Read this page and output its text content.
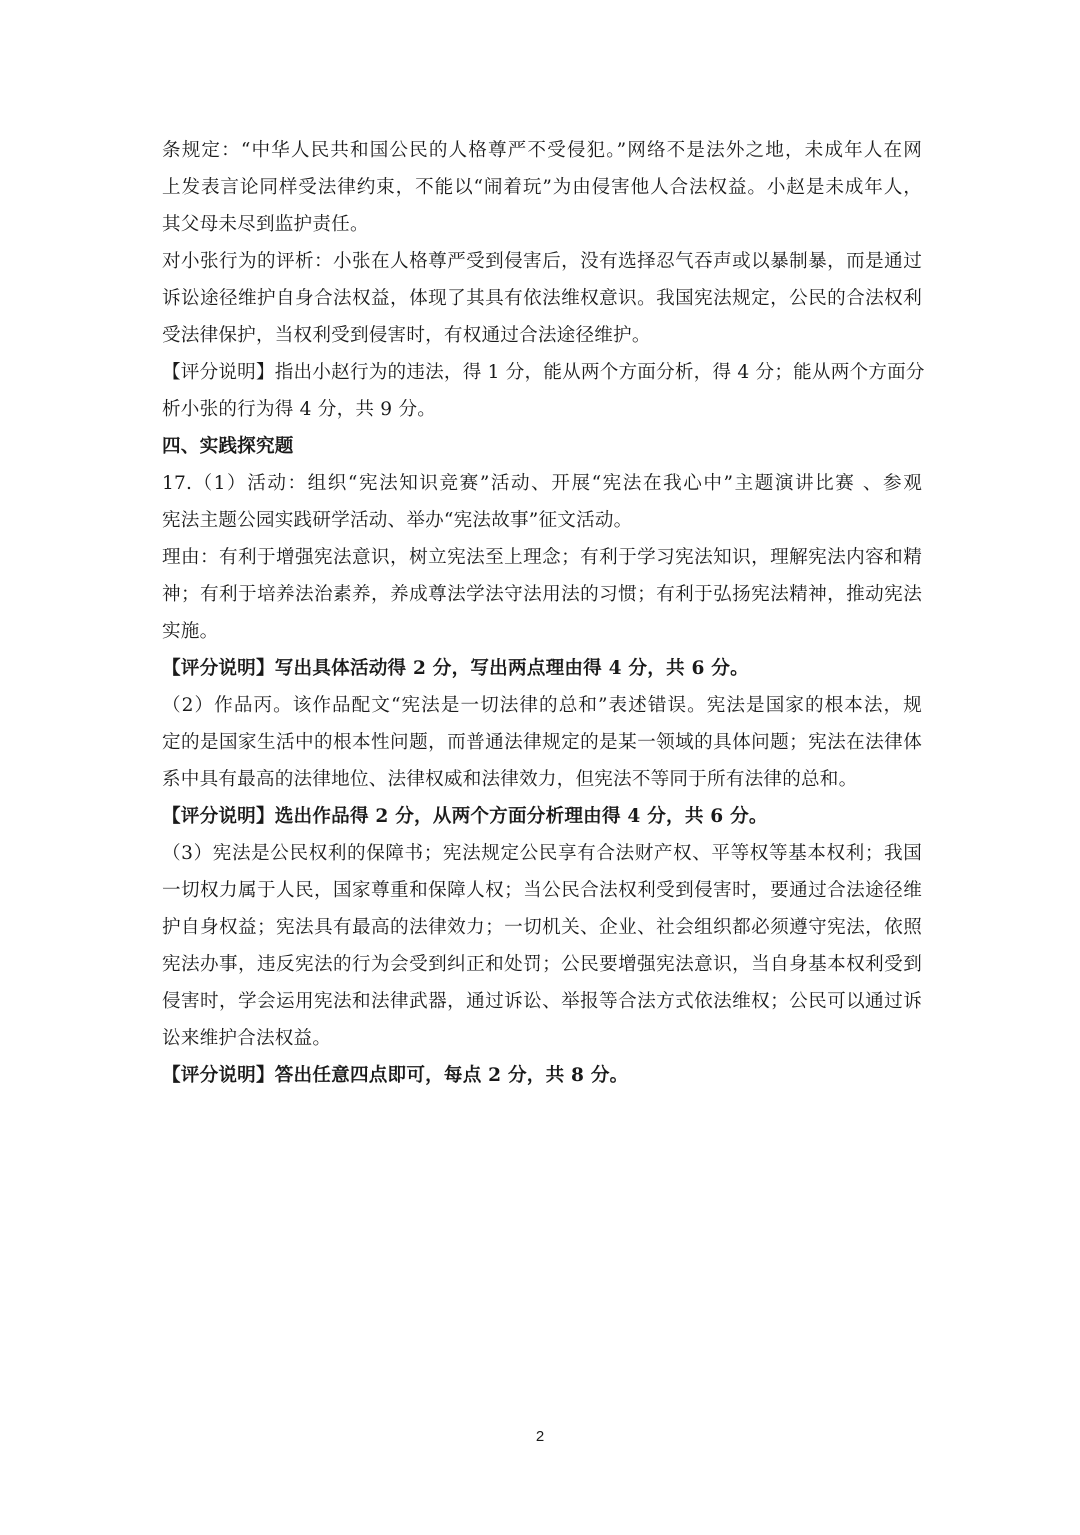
条规定：“中华人民共和国公民的人格尊严不受侵犯。”网络不是法外之地，未成年人在网
上发表言论同样受法律约束，不能以“闹着玩”为由侵害他人合法权益。小赵是未成年人，
其父母未尽到监护责任。
对小张行为的评析：小张在人格尊严受到侵害后，没有选择忍气吞声或以暴制暴，而是通过
诉讼途径维护自身合法权益，体现了其具有依法维权意识。我国宪法规定，公民的合法权利
受法律保护，当权利受到侵害时，有权通过合法途径维护。
【评分说明】指出小赵行为的违法，得 1 分，能从两个方面分析，得 4 分；能从两个方面分
析小张的行为得 4 分，共 9 分。
四、实践探究题
17.（1）活动：组织“宪法知识竞赛”活动、开展“宪法在我心中”主题演讲比赛 、参观
宪法主题公园实践研学活动、举办“宪法故事”征文活动。
理由：有利于增强宪法意识，树立宪法至上理念；有利于学习宪法知识，理解宪法内容和精
神；有利于培养法治素养，养成尊法学法守法用法的习惯；有利于弘扬宪法精神，推动宪法
实施。
【评分说明】写出具体活动得 2 分，写出两点理由得 4 分，共 6 分。
（2）作品丙。该作品配文“宪法是一切法律的总和”表述错误。宪法是国家的根本法，规
定的是国家生活中的根本性问题，而普通法律规定的是某一领域的具体问题；宪法在法律体
系中具有最高的法律地位、法律权威和法律效力，但宪法不等同于所有法律的总和。
【评分说明】选出作品得 2 分，从两个方面分析理由得 4 分，共 6 分。
（3）宪法是公民权利的保障书；宪法规定公民享有合法财产权、平等权等基本权利；我国
一切权力属于人民，国家尊重和保障人权；当公民合法权利受到侵害时，要通过合法途径维
护自身权益；宪法具有最高的法律效力；一切机关、企业、社会组织都必须遵守宪法，依照
宪法办事，违反宪法的行为会受到纠正和处罚；公民要增强宪法意识，当自身基本权利受到
侵害时，学会运用宪法和法律武器，通过诉讼、举报等合法方式依法维权；公民可以通过诉
讼来维护合法权益。
【评分说明】答出任意四点即可，每点 2 分，共 8 分。
2
